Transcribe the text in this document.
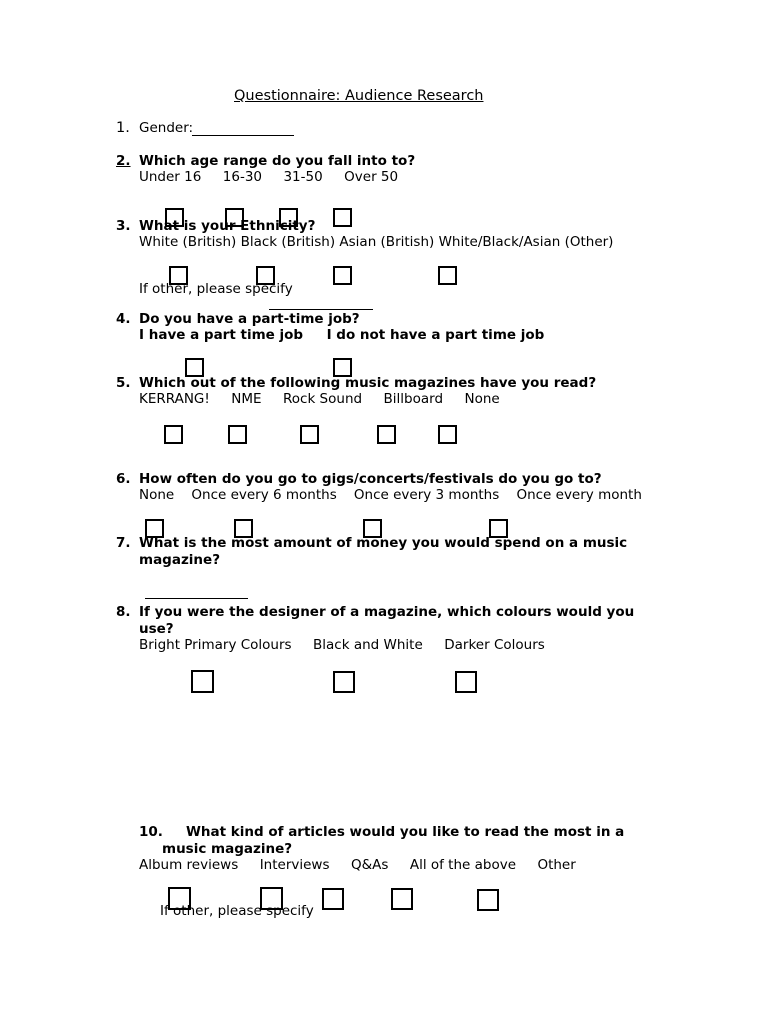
Questionnaire: Audience Research
1. Gender:
2. Which age range do you fall into to?
Under 16     16-30     31-50     Over 50
3. What is your Ethnicity?
White (British) Black (British) Asian (British) White/Black/Asian (Other)
If other, please specify
4. Do you have a part-time job?
I have a part time job     I do not have a part time job
5. Which out of the following music magazines have you read?
KERRANG!     NME     Rock Sound     Billboard     None
6. How often do you go to gigs/concerts/festivals do you go to?
None    Once every 6 months    Once every 3 months    Once every month
7. What is the most amount of money you would spend on a music
magazine?
8. If you were the designer of a magazine, which colours would you
use?
Bright Primary Colours     Black and White     Darker Colours
10. What kind of articles would you like to read the most in a
music magazine?
Album reviews     Interviews     Q&As     All of the above     Other
If other, please specify
